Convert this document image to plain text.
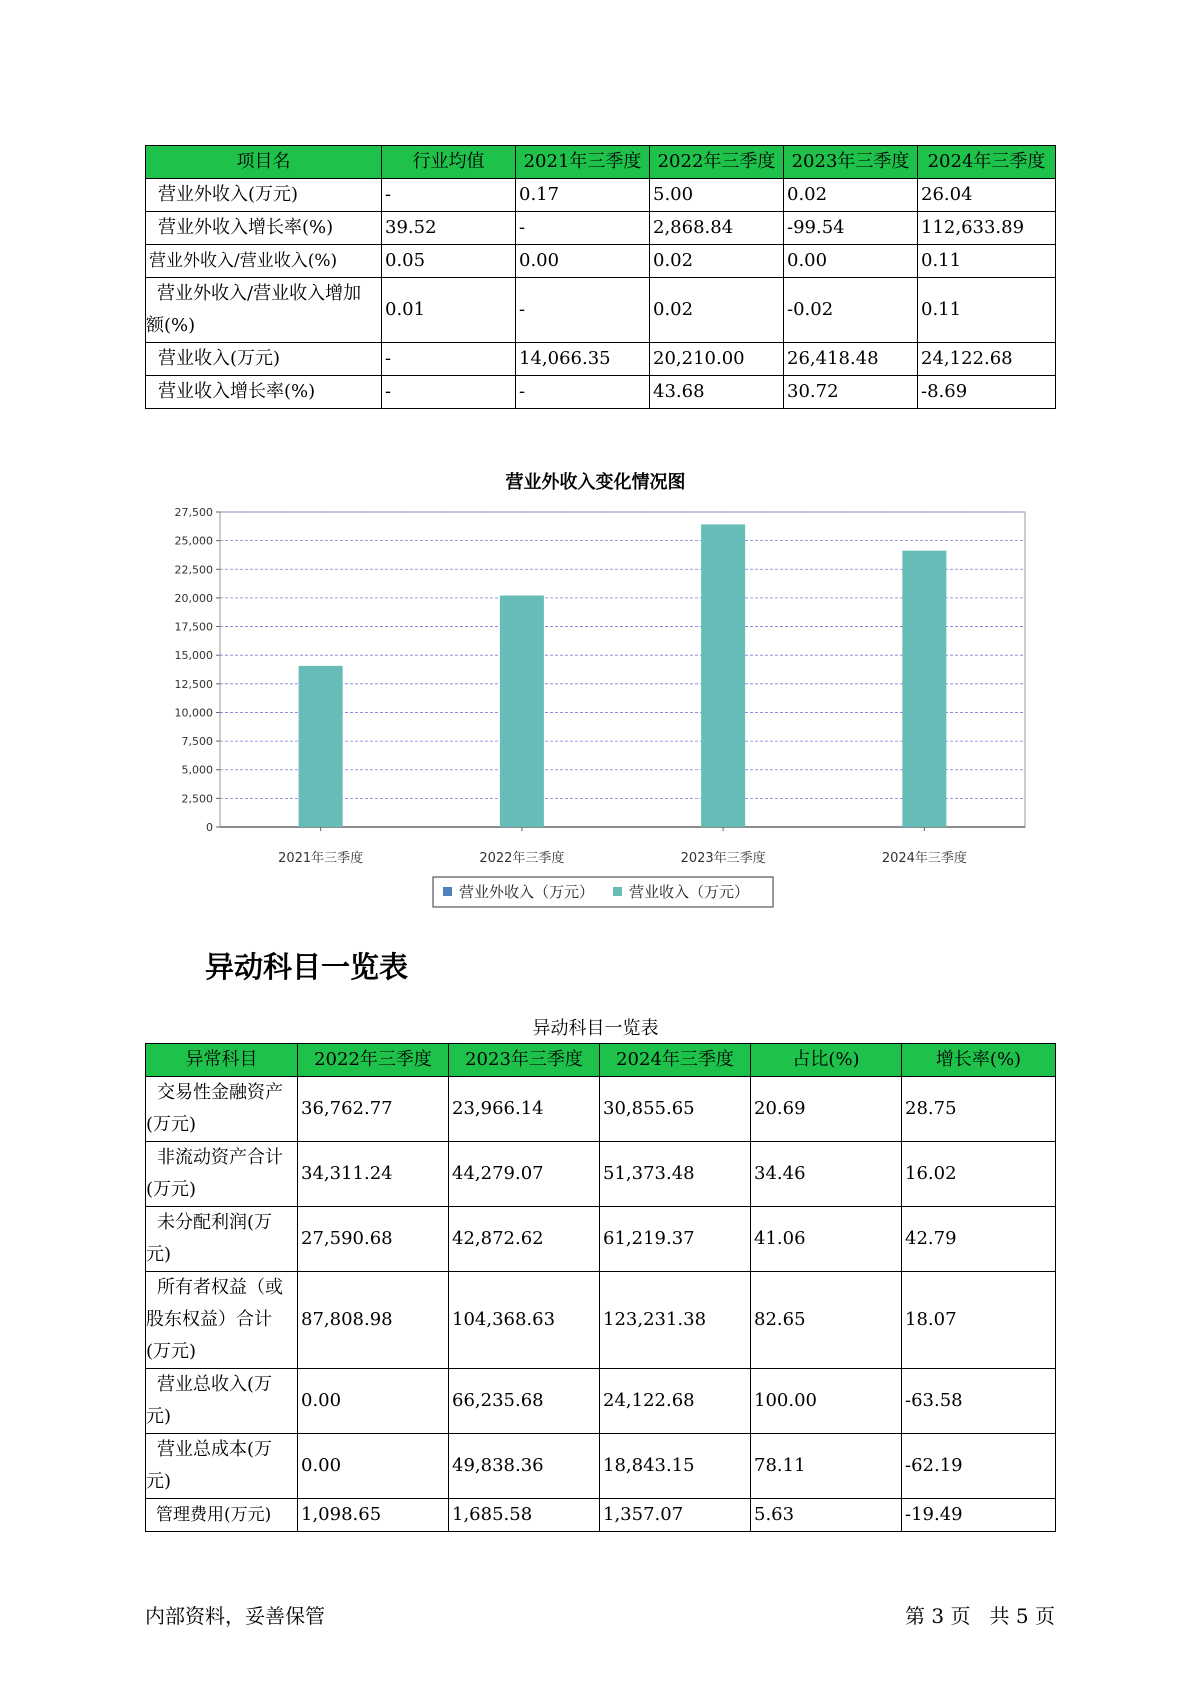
项目名	行业均值	2021年三季度	2022年三季度	2023年三季度	2024年三季度
营业外收入(万元)	-	0.17	5.00	0.02	26.04
营业外收入增长率(%)	39.52	-	2,868.84	-99.54	112,633.89
营业外收入/营业收入(%)	0.05	0.00	0.02	0.00	0.11
营业外收入/营业收入增加额(%)	0.01	-	0.02	-0.02	0.11
营业收入(万元)	-	14,066.35	20,210.00	26,418.48	24,122.68
营业收入增长率(%)	-	-	43.68	30.72	-8.69
营业外收入变化情况图
0
2,500
5,000
7,500
10,000
12,500
15,000
17,500
20,000
22,500
25,000
27,500
2021年三季度	2022年三季度	2023年三季度	2024年三季度
营业外收入（万元） 营业收入（万元）
异动科目一览表
异动科目一览表
异常科目	2022年三季度	2023年三季度	2024年三季度	占比(%)	增长率(%)
交易性金融资产(万元)	36,762.77	23,966.14	30,855.65	20.69	28.75
非流动资产合计(万元)	34,311.24	44,279.07	51,373.48	34.46	16.02
未分配利润(万元)	27,590.68	42,872.62	61,219.37	41.06	42.79
所有者权益（或股东权益）合计(万元)	87,808.98	104,368.63	123,231.38	82.65	18.07
营业总收入(万元)	0.00	66,235.68	24,122.68	100.00	-63.58
营业总成本(万元)	0.00	49,838.36	18,843.15	78.11	-62.19
管理费用(万元)	1,098.65	1,685.58	1,357.07	5.63	-19.49
内部资料，妥善保管	第 3 页   共 5 页
